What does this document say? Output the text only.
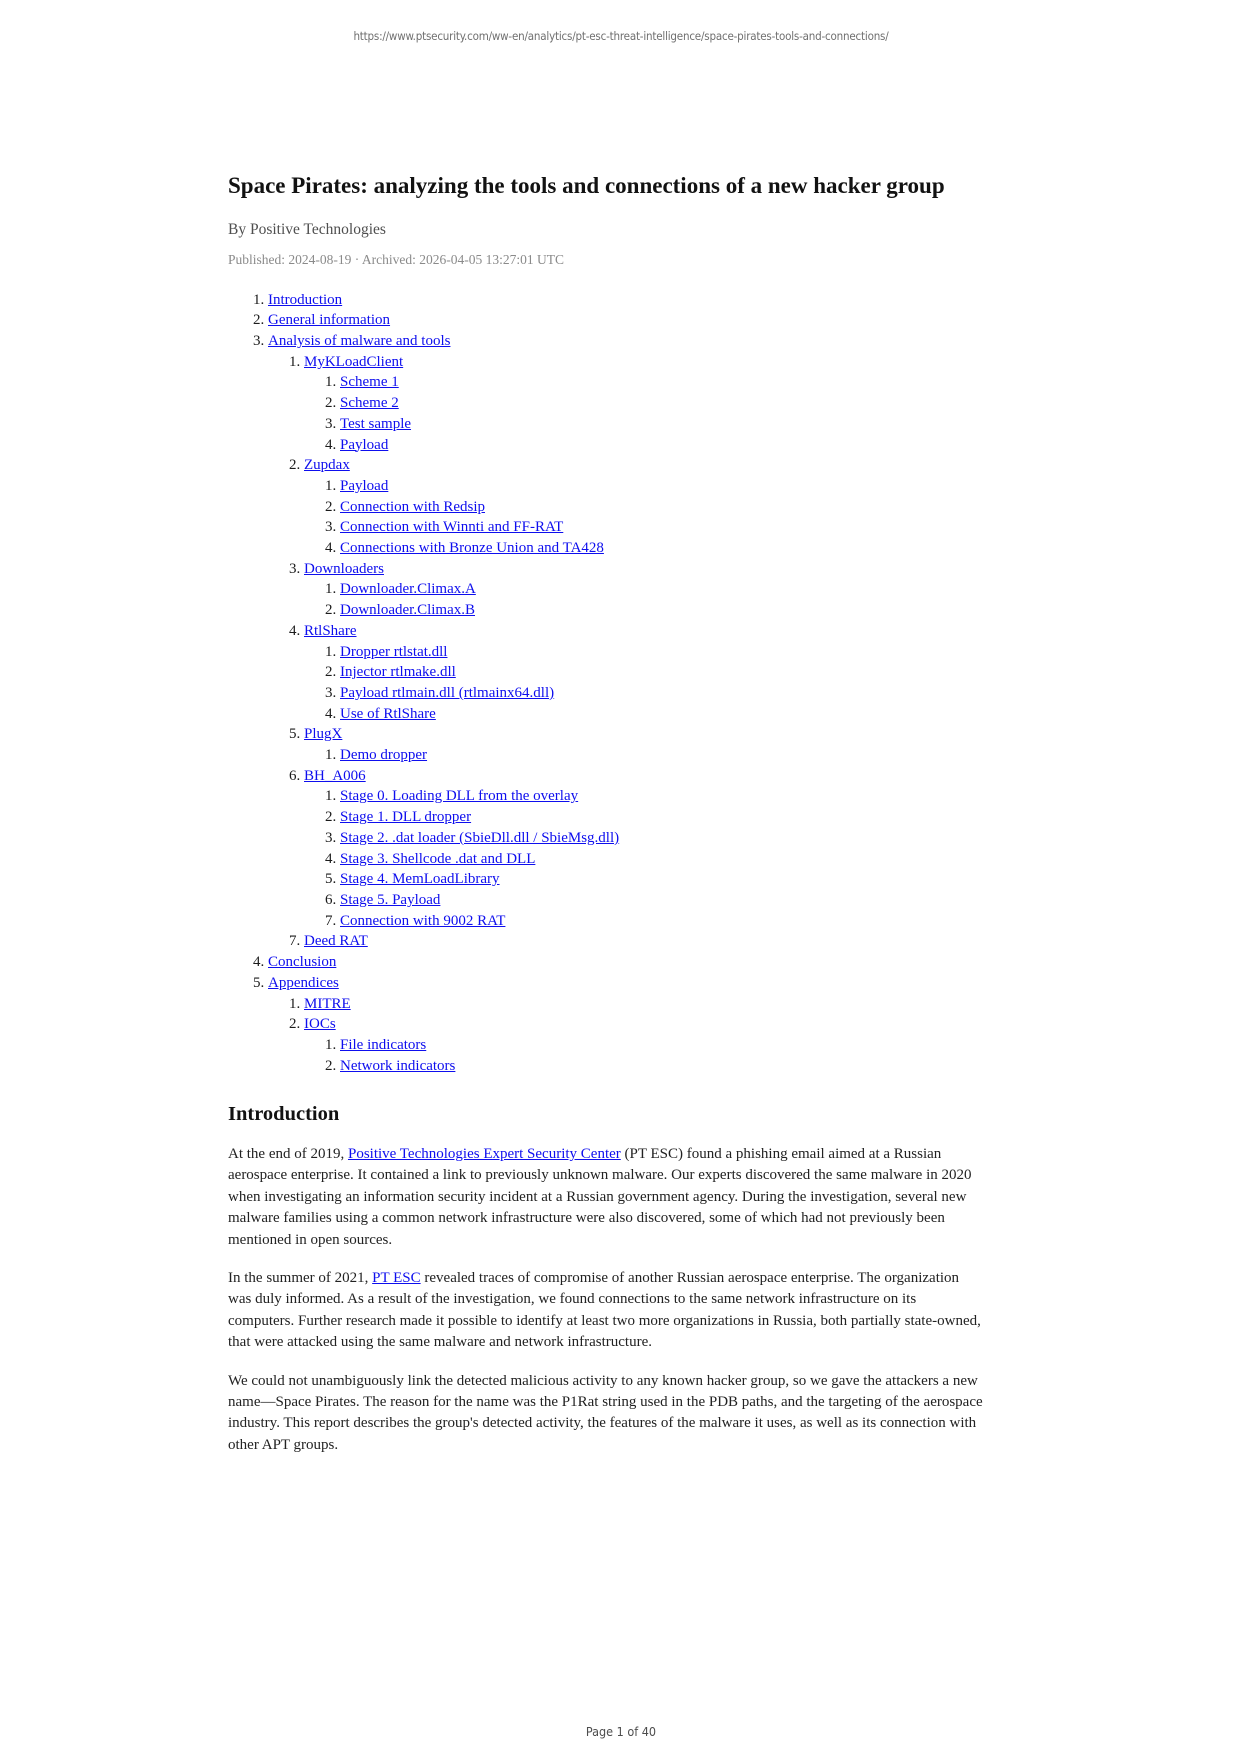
https://www.ptsecurity.com/ww-en/analytics/pt-esc-threat-intelligence/space-pirates-tools-and-connections/
Space Pirates: analyzing the tools and connections of a new hacker group
By Positive Technologies
Published: 2024-08-19 · Archived: 2026-04-05 13:27:01 UTC
1. Introduction
2. General information
3. Analysis of malware and tools
1. MyKLoadClient
1. Scheme 1
2. Scheme 2
3. Test sample
4. Payload
2. Zupdax
1. Payload
2. Connection with Redsip
3. Connection with Winnti and FF-RAT
4. Connections with Bronze Union and TA428
3. Downloaders
1. Downloader.Climax.A
2. Downloader.Climax.B
4. RtlShare
1. Dropper rtlstat.dll
2. Injector rtlmake.dll
3. Payload rtlmain.dll (rtlmainx64.dll)
4. Use of RtlShare
5. PlugX
1. Demo dropper
6. BH_A006
1. Stage 0. Loading DLL from the overlay
2. Stage 1. DLL dropper
3. Stage 2. .dat loader (SbieDll.dll / SbieMsg.dll)
4. Stage 3. Shellcode .dat and DLL
5. Stage 4. MemLoadLibrary
6. Stage 5. Payload
7. Connection with 9002 RAT
7. Deed RAT
4. Conclusion
5. Appendices
1. MITRE
2. IOCs
1. File indicators
2. Network indicators
Introduction

At the end of 2019, Positive Technologies Expert Security Center (PT ESC) found a phishing email aimed at a Russian aerospace enterprise. It contained a link to previously unknown malware. Our experts discovered the same malware in 2020 when investigating an information security incident at a Russian government agency. During the investigation, several new malware families using a common network infrastructure were also discovered, some of which had not previously been mentioned in open sources.

In the summer of 2021, PT ESC revealed traces of compromise of another Russian aerospace enterprise. The organization was duly informed. As a result of the investigation, we found connections to the same network infrastructure on its computers. Further research made it possible to identify at least two more organizations in Russia, both partially state-owned, that were attacked using the same malware and network infrastructure.

We could not unambiguously link the detected malicious activity to any known hacker group, so we gave the attackers a new name—Space Pirates. The reason for the name was the P1Rat string used in the PDB paths, and the targeting of the aerospace industry. This report describes the group's detected activity, the features of the malware it uses, as well as its connection with other APT groups.

Page 1 of 40
